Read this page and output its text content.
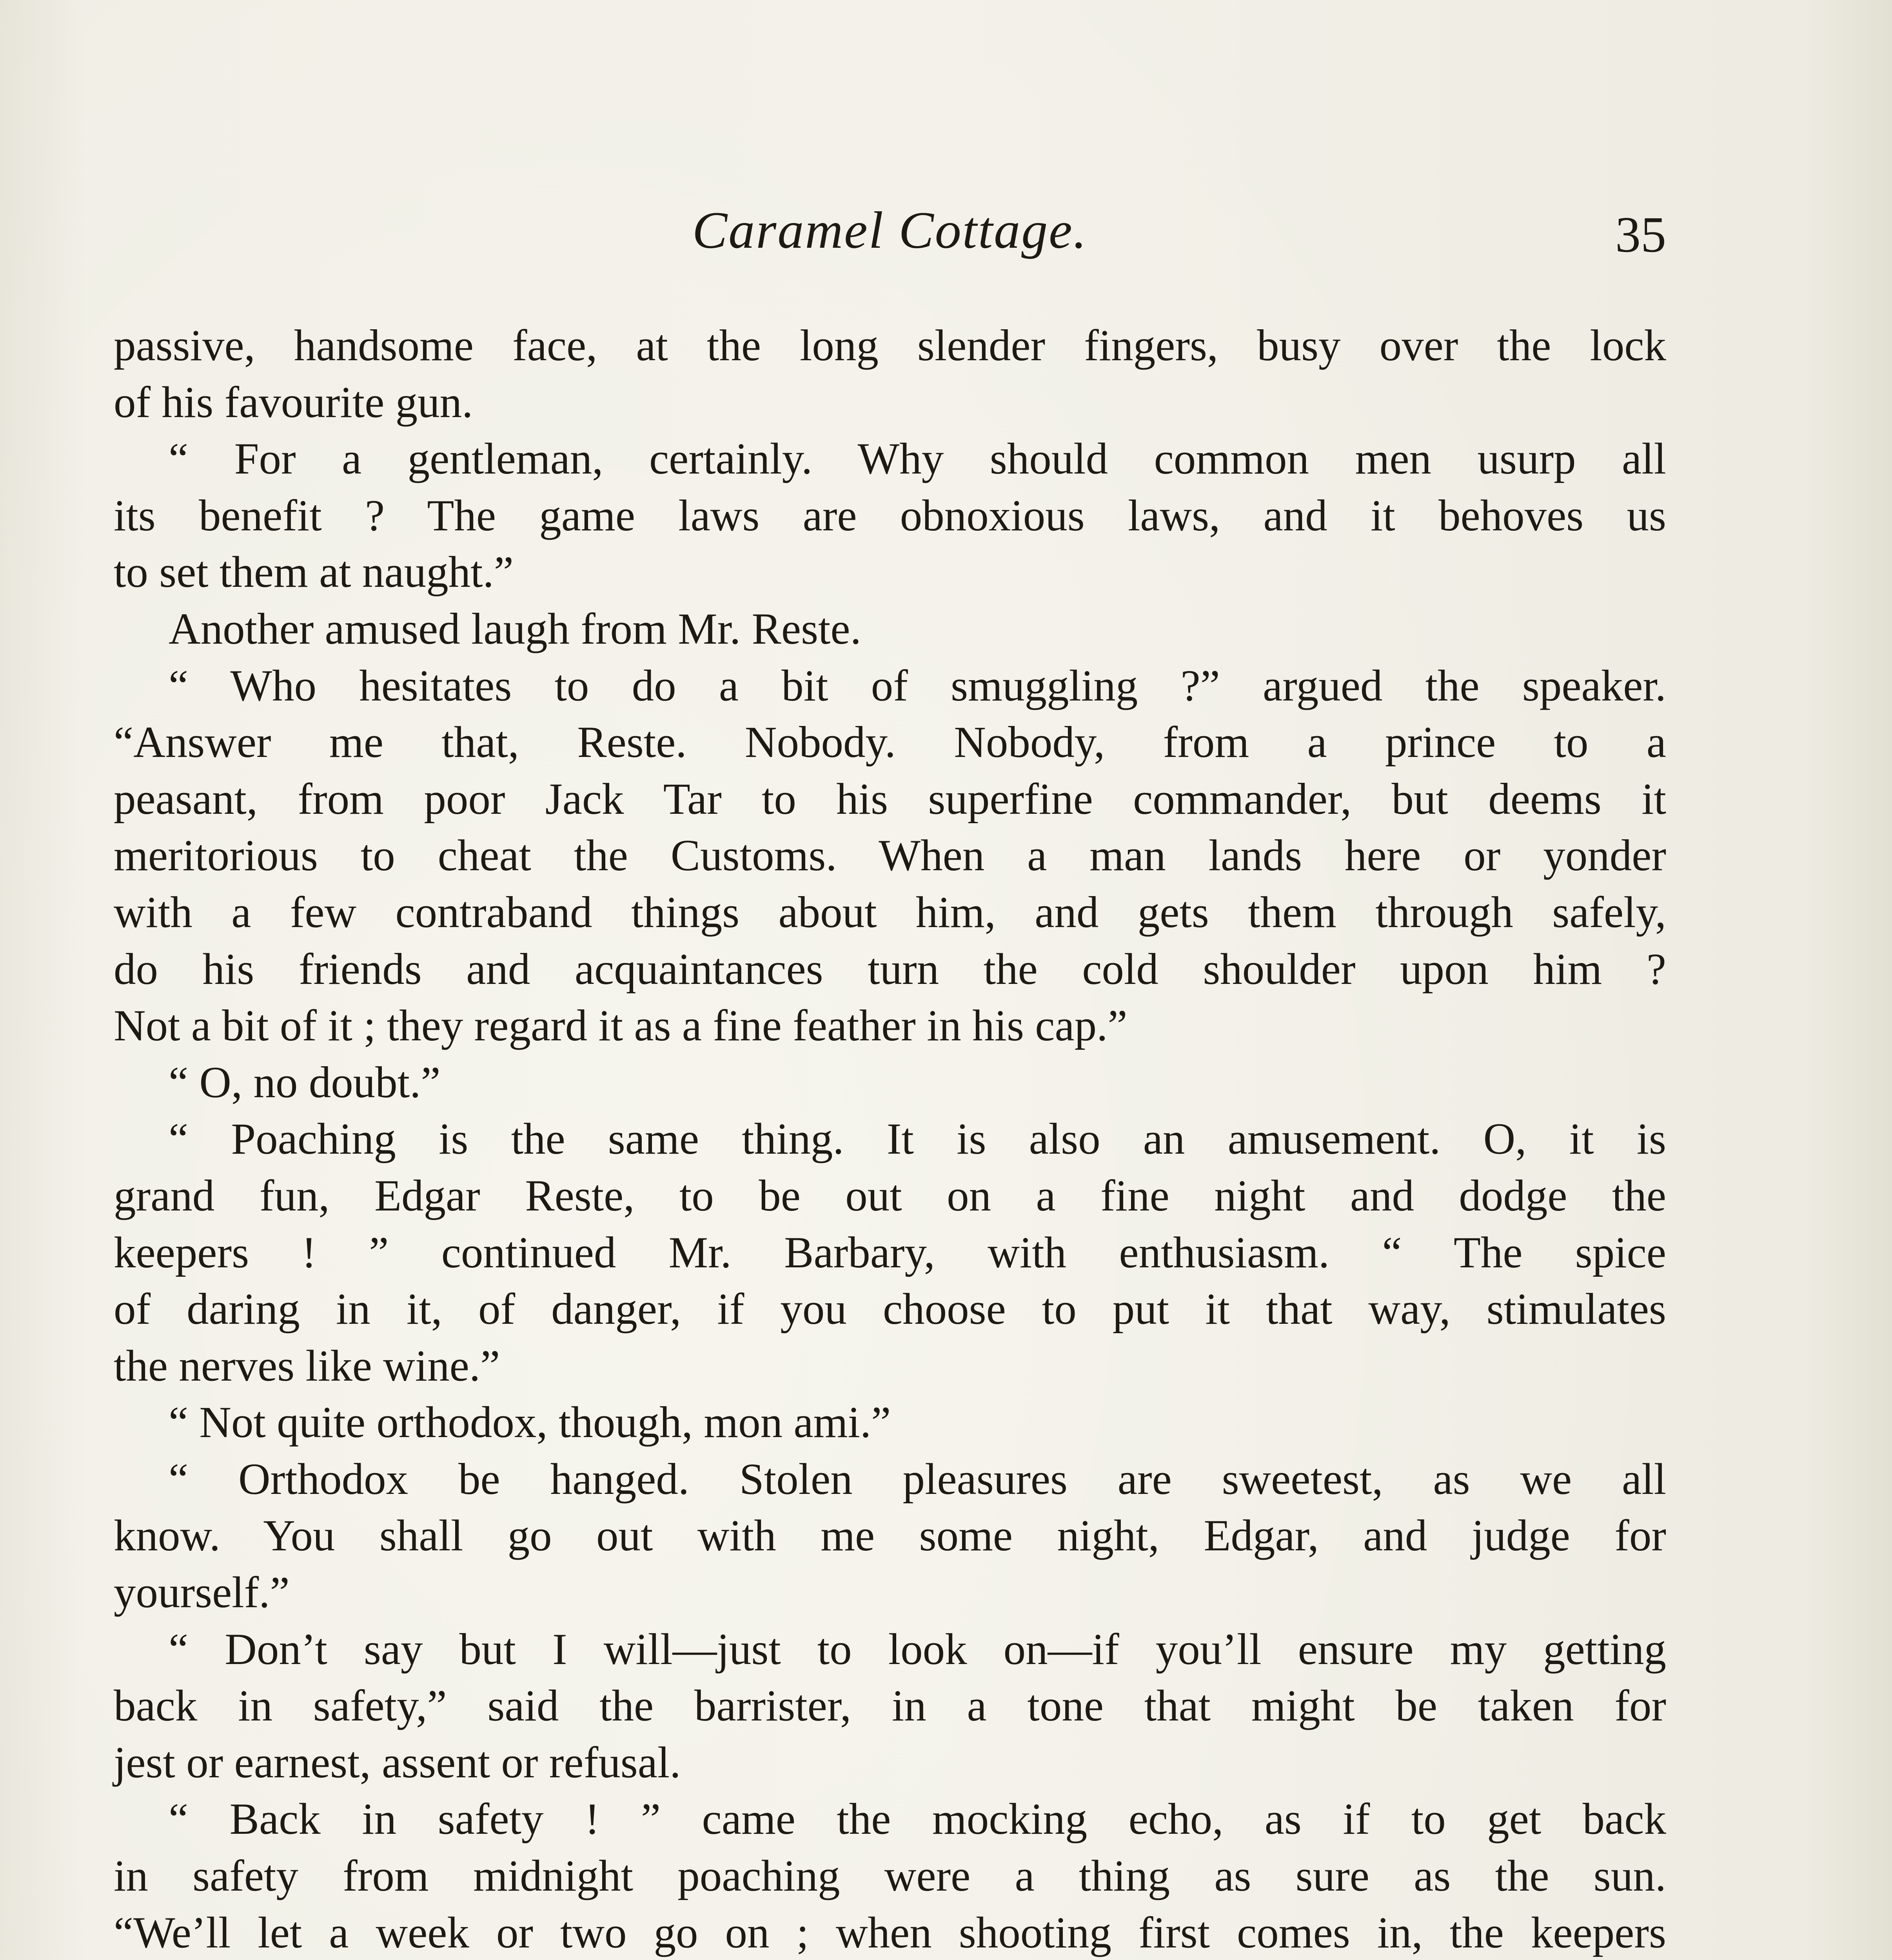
Caramel Cottage.	35
passive, handsome face, at the long slender fingers, busy over the lock
of his favourite gun.
“ For a gentleman, certainly. Why should common men usurp all
its benefit ? The game laws are obnoxious laws, and it behoves us
to set them at naught.”
Another amused laugh from Mr. Reste.
“ Who hesitates to do a bit of smuggling ?” argued the speaker.
“Answer me that, Reste. Nobody. Nobody, from a prince to a
peasant, from poor Jack Tar to his superfine commander, but deems it
meritorious to cheat the Customs. When a man lands here or yonder
with a few contraband things about him, and gets them through safely,
do his friends and acquaintances turn the cold shoulder upon him ?
Not a bit of it ; they regard it as a fine feather in his cap.”
“ O, no doubt.”
“ Poaching is the same thing. It is also an amusement. O, it is
grand fun, Edgar Reste, to be out on a fine night and dodge the
keepers ! ” continued Mr. Barbary, with enthusiasm. “ The spice
of daring in it, of danger, if you choose to put it that way, stimulates
the nerves like wine.”
“ Not quite orthodox, though, mon ami.”
“ Orthodox be hanged. Stolen pleasures are sweetest, as we all
know. You shall go out with me some night, Edgar, and judge for
yourself.”
“ Don’t say but I will—just to look on—if you’ll ensure my getting
back in safety,” said the barrister, in a tone that might be taken for
jest or earnest, assent or refusal.
“ Back in safety ! ” came the mocking echo, as if to get back
in safety from midnight poaching were a thing as sure as the sun.
“We’ll let a week or two go on ; when shooting first comes in, the keepers
